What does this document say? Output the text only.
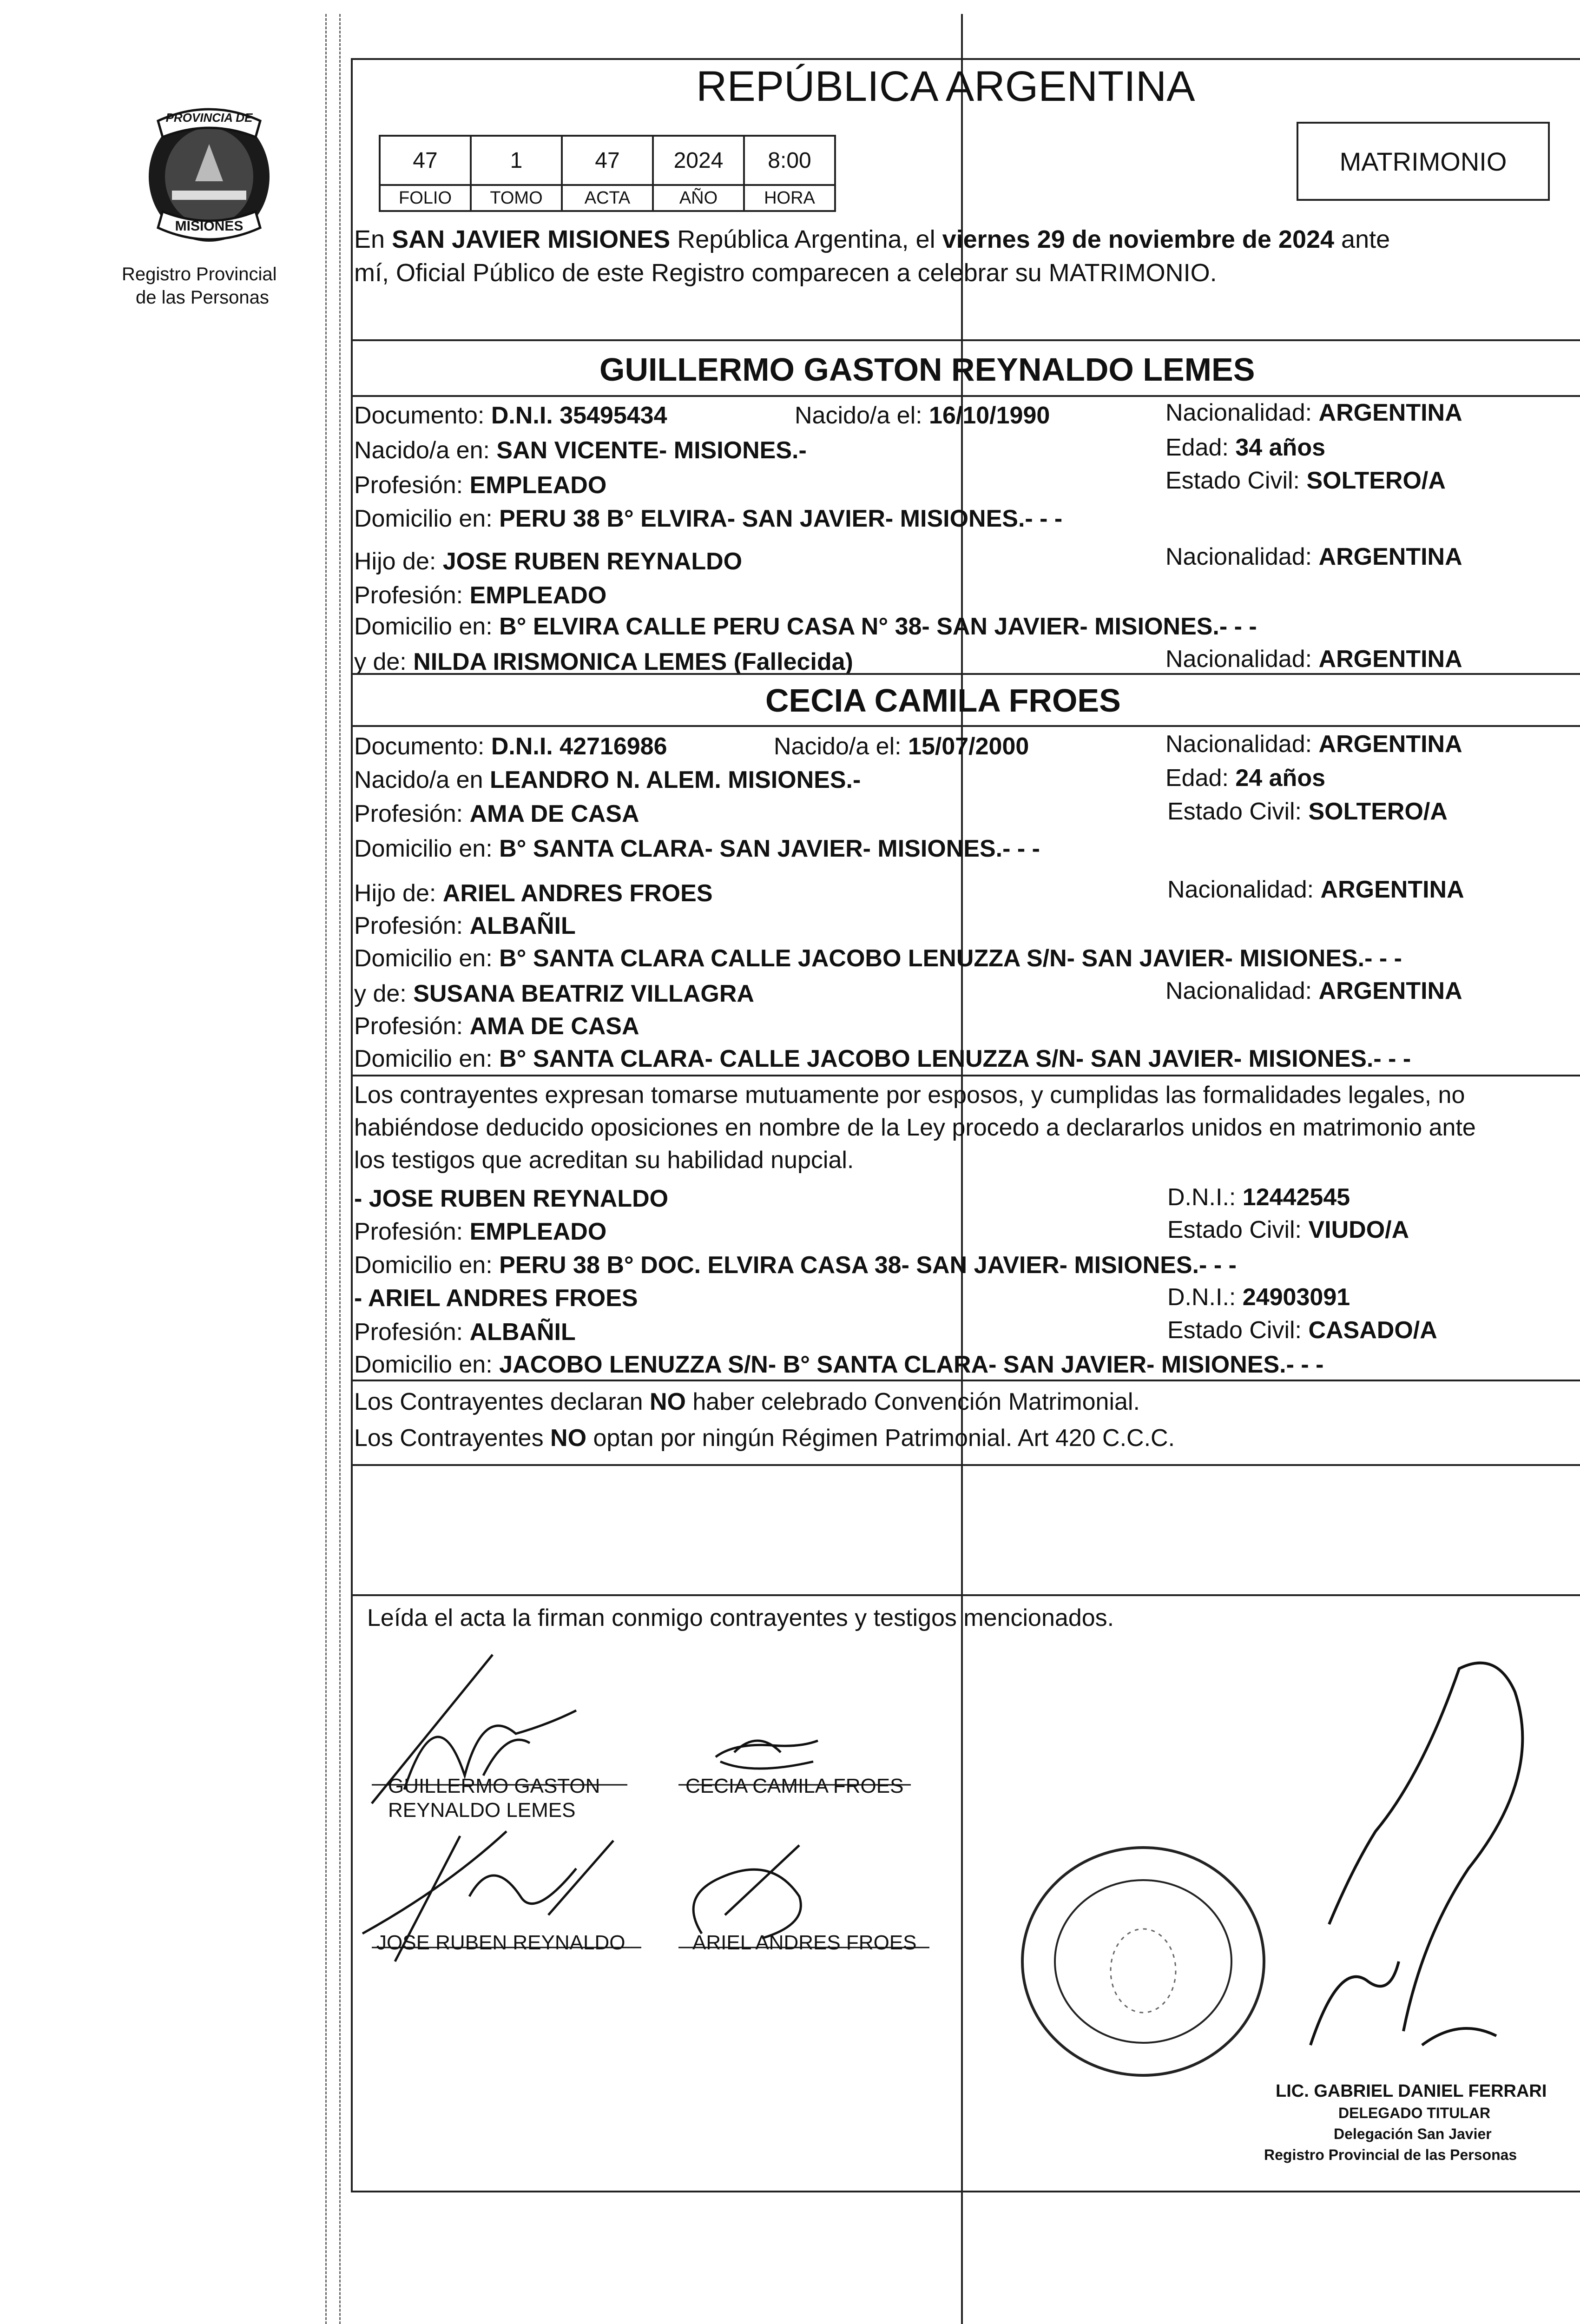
PROVINCIA DE
MISIONES
Registro Provincial
de las Personas
REPÚBLICA ARGENTINA
47	1	47	2024	8:00
FOLIO	TOMO	ACTA	AÑO	HORA
MATRIMONIO
En SAN JAVIER MISIONES República Argentina, el viernes 29 de noviembre de 2024 ante
mí, Oficial Público de este Registro comparecen a celebrar su MATRIMONIO.
GUILLERMO GASTON REYNALDO LEMES
Documento: D.N.I. 35495434	Nacido/a el: 16/10/1990	Nacionalidad: ARGENTINA
Nacido/a en: SAN VICENTE- MISIONES.-	Edad: 34 años
Profesión: EMPLEADO	Estado Civil: SOLTERO/A
Domicilio en: PERU 38 B° ELVIRA- SAN JAVIER- MISIONES.- - -
Hijo de: JOSE RUBEN REYNALDO	Nacionalidad: ARGENTINA
Profesión: EMPLEADO
Domicilio en: B° ELVIRA CALLE PERU CASA N° 38- SAN JAVIER- MISIONES.- - -
y de: NILDA IRISMONICA LEMES (Fallecida)	Nacionalidad: ARGENTINA
CECIA CAMILA FROES
Documento: D.N.I. 42716986	Nacido/a el: 15/07/2000	Nacionalidad: ARGENTINA
Nacido/a en LEANDRO N. ALEM. MISIONES.-	Edad: 24 años
Profesión: AMA DE CASA	Estado Civil: SOLTERO/A
Domicilio en: B° SANTA CLARA- SAN JAVIER- MISIONES.- - -
Hijo de: ARIEL ANDRES FROES	Nacionalidad: ARGENTINA
Profesión: ALBAÑIL
Domicilio en: B° SANTA CLARA CALLE JACOBO LENUZZA S/N- SAN JAVIER- MISIONES.- - -
y de: SUSANA BEATRIZ VILLAGRA	Nacionalidad: ARGENTINA
Profesión: AMA DE CASA
Domicilio en: B° SANTA CLARA- CALLE JACOBO LENUZZA S/N- SAN JAVIER- MISIONES.- - -
Los contrayentes expresan tomarse mutuamente por esposos, y cumplidas las formalidades legales, no
habiéndose deducido oposiciones en nombre de la Ley procedo a declararlos unidos en matrimonio ante
los testigos que acreditan su habilidad nupcial.
- JOSE RUBEN REYNALDO	D.N.I.: 12442545
Profesión: EMPLEADO	Estado Civil: VIUDO/A
Domicilio en: PERU 38 B° DOC. ELVIRA CASA 38- SAN JAVIER- MISIONES.- - -
- ARIEL ANDRES FROES	D.N.I.: 24903091
Profesión: ALBAÑIL	Estado Civil: CASADO/A
Domicilio en: JACOBO LENUZZA S/N- B° SANTA CLARA- SAN JAVIER- MISIONES.- - -
Los Contrayentes declaran NO haber celebrado Convención Matrimonial.
Los Contrayentes NO optan por ningún Régimen Patrimonial. Art 420 C.C.C.
Leída el acta la firman conmigo contrayentes y testigos mencionados.
GUILLERMO GASTON
REYNALDO LEMES
CECIA CAMILA FROES
JOSE RUBEN REYNALDO	ARIEL ANDRES FROES
LIC. GABRIEL DANIEL FERRARI
DELEGADO TITULAR
Delegación San Javier
Registro Provincial de las Personas
